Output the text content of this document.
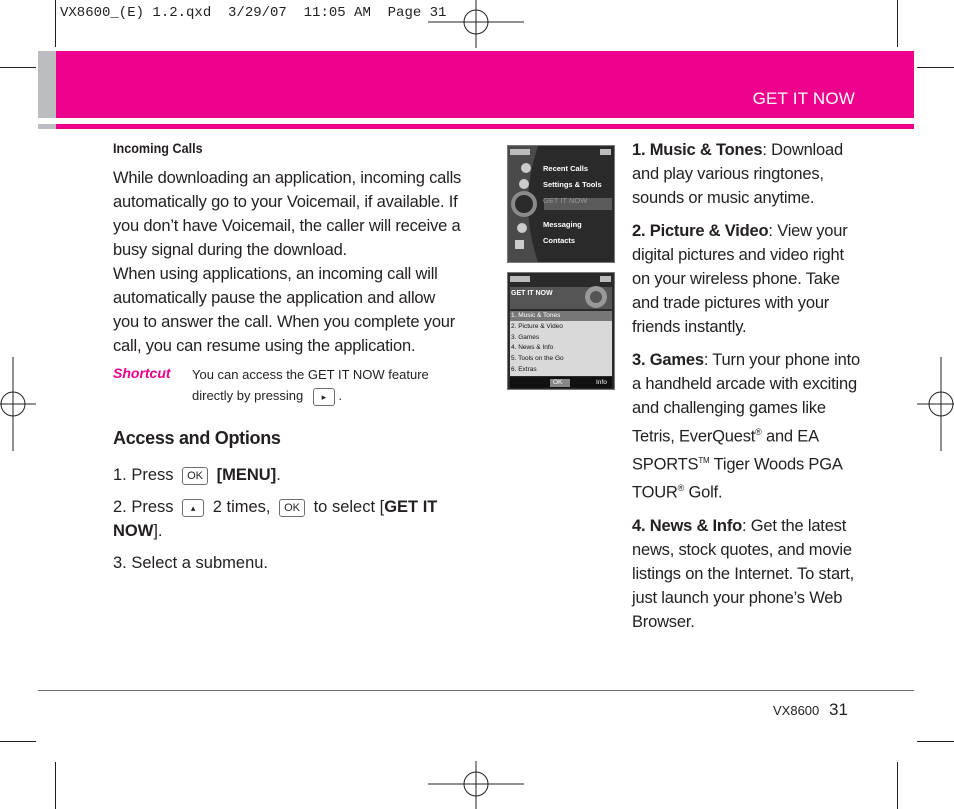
VX8600_(E) 1.2.qxd  3/29/07  11:05 AM  Page 31
GET IT NOW

Incoming Calls

While downloading an application, incoming calls automatically go to your Voicemail, if available. If you don’t have Voicemail, the caller will receive a busy signal during the download.

When using applications, an incoming call will automatically pause the application and allow you to answer the call. When you complete your call, you can resume using the application.

Shortcut	You can access the GET IT NOW feature
directly by pressing ▸ .

Access and Options

1. Press OK [MENU].

2. Press ▴ 2 times, OK to select [GET IT NOW].

3. Select a submenu.

Recent Calls
Settings & Tools
GET IT NOW
Messaging
Contacts
GET IT NOW
1. Music & Tones
2. Picture & Video
3. Games
4. News & Info
5. Tools on the Go
6. Extras
OK	Info

1. Music & Tones: Download and play various ringtones, sounds or music anytime.

2. Picture & Video: View your digital pictures and video right on your wireless phone. Take and trade pictures with your friends instantly.

3. Games: Turn your phone into a handheld arcade with exciting and challenging games like Tetris, EverQuest® and EA SPORTS™ Tiger Woods PGA TOUR® Golf.

4. News & Info: Get the latest news, stock quotes, and movie listings on the Internet. To start, just launch your phone’s Web Browser.

VX8600 31
